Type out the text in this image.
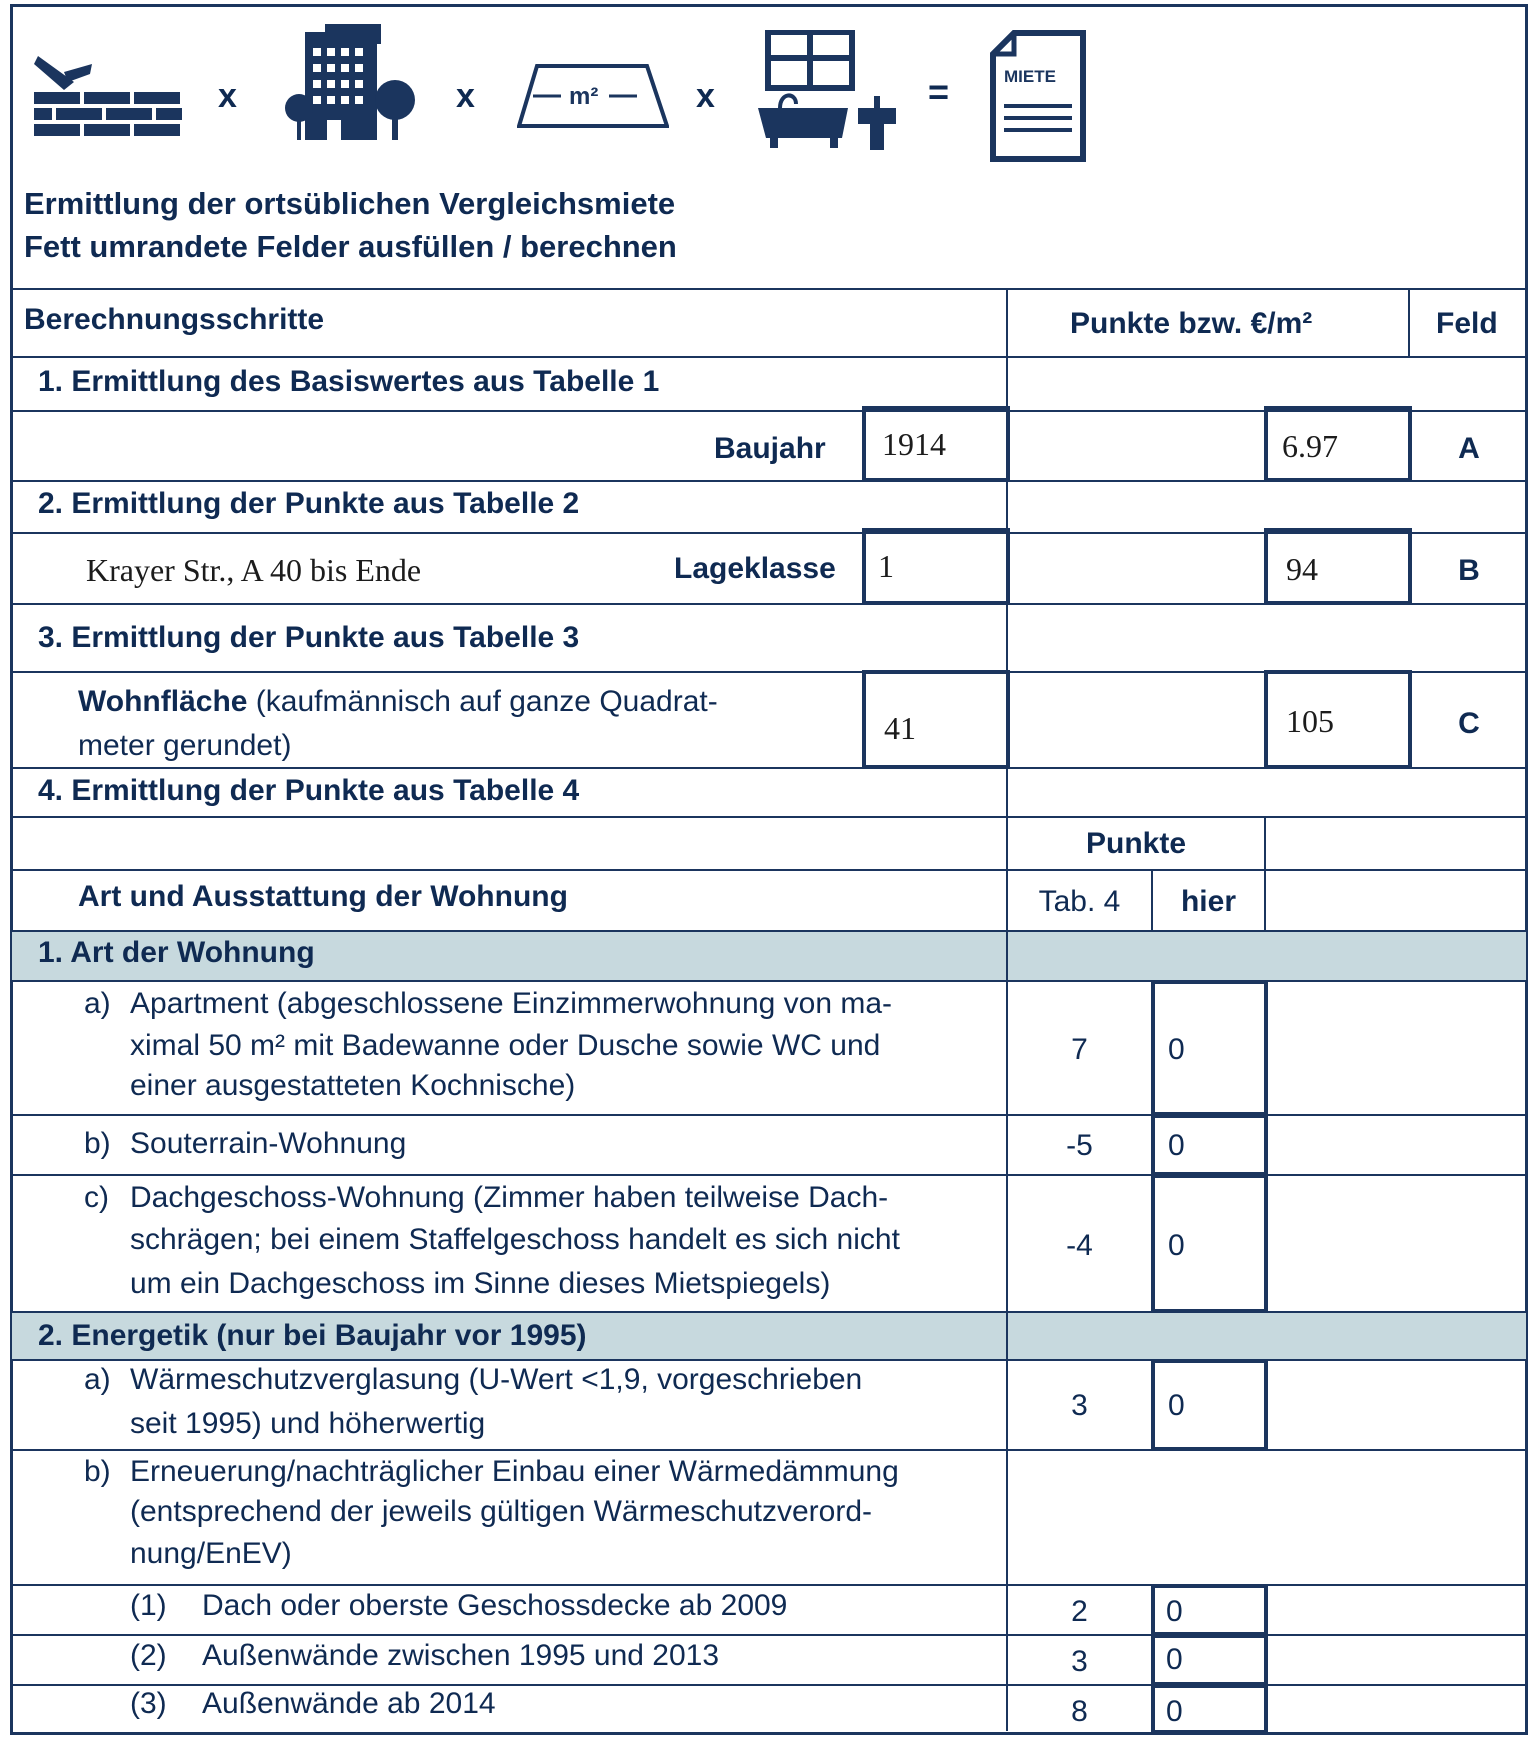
x	x	m²	x	=	MIETE
Ermittlung der ortsüblichen Vergleichsmiete
Fett umrandete Felder ausfüllen / berechnen
Berechnungsschritte	Punkte bzw. €/m²	Feld
1. Ermittlung des Basiswertes aus Tabelle 1
Baujahr 1914	6.97	A
2. Ermittlung der Punkte aus Tabelle 2
Krayer Str., A 40 bis Ende	Lageklasse 1	94	B
3. Ermittlung der Punkte aus Tabelle 3
Wohnfläche (kaufmännisch auf ganze Quadrat-
meter gerundet)	41	105	C
4. Ermittlung der Punkte aus Tabelle 4
Punkte
Art und Ausstattung der Wohnung	Tab. 4	hier
1. Art der Wohnung
a) Apartment (abgeschlossene Einzimmerwohnung von ma-
ximal 50 m² mit Badewanne oder Dusche sowie WC und
einer ausgestatteten Kochnische)
7	0
b) Souterrain-Wohnung	-5	0
c) Dachgeschoss-Wohnung (Zimmer haben teilweise Dach-
schrägen; bei einem Staffelgeschoss handelt es sich nicht
um ein Dachgeschoss im Sinne dieses Mietspiegels)
-4	0
2. Energetik (nur bei Baujahr vor 1995)
a) Wärmeschutzverglasung (U-Wert <1,9, vorgeschrieben
seit 1995) und höherwertig
3	0
b) Erneuerung/nachträglicher Einbau einer Wärmedämmung
(entsprechend der jeweils gültigen Wärmeschutzverord-
nung/EnEV)
(1) Dach oder oberste Geschossdecke ab 2009	2	0
(2) Außenwände zwischen 1995 und 2013	3	0
(3) Außenwände ab 2014	8	0
